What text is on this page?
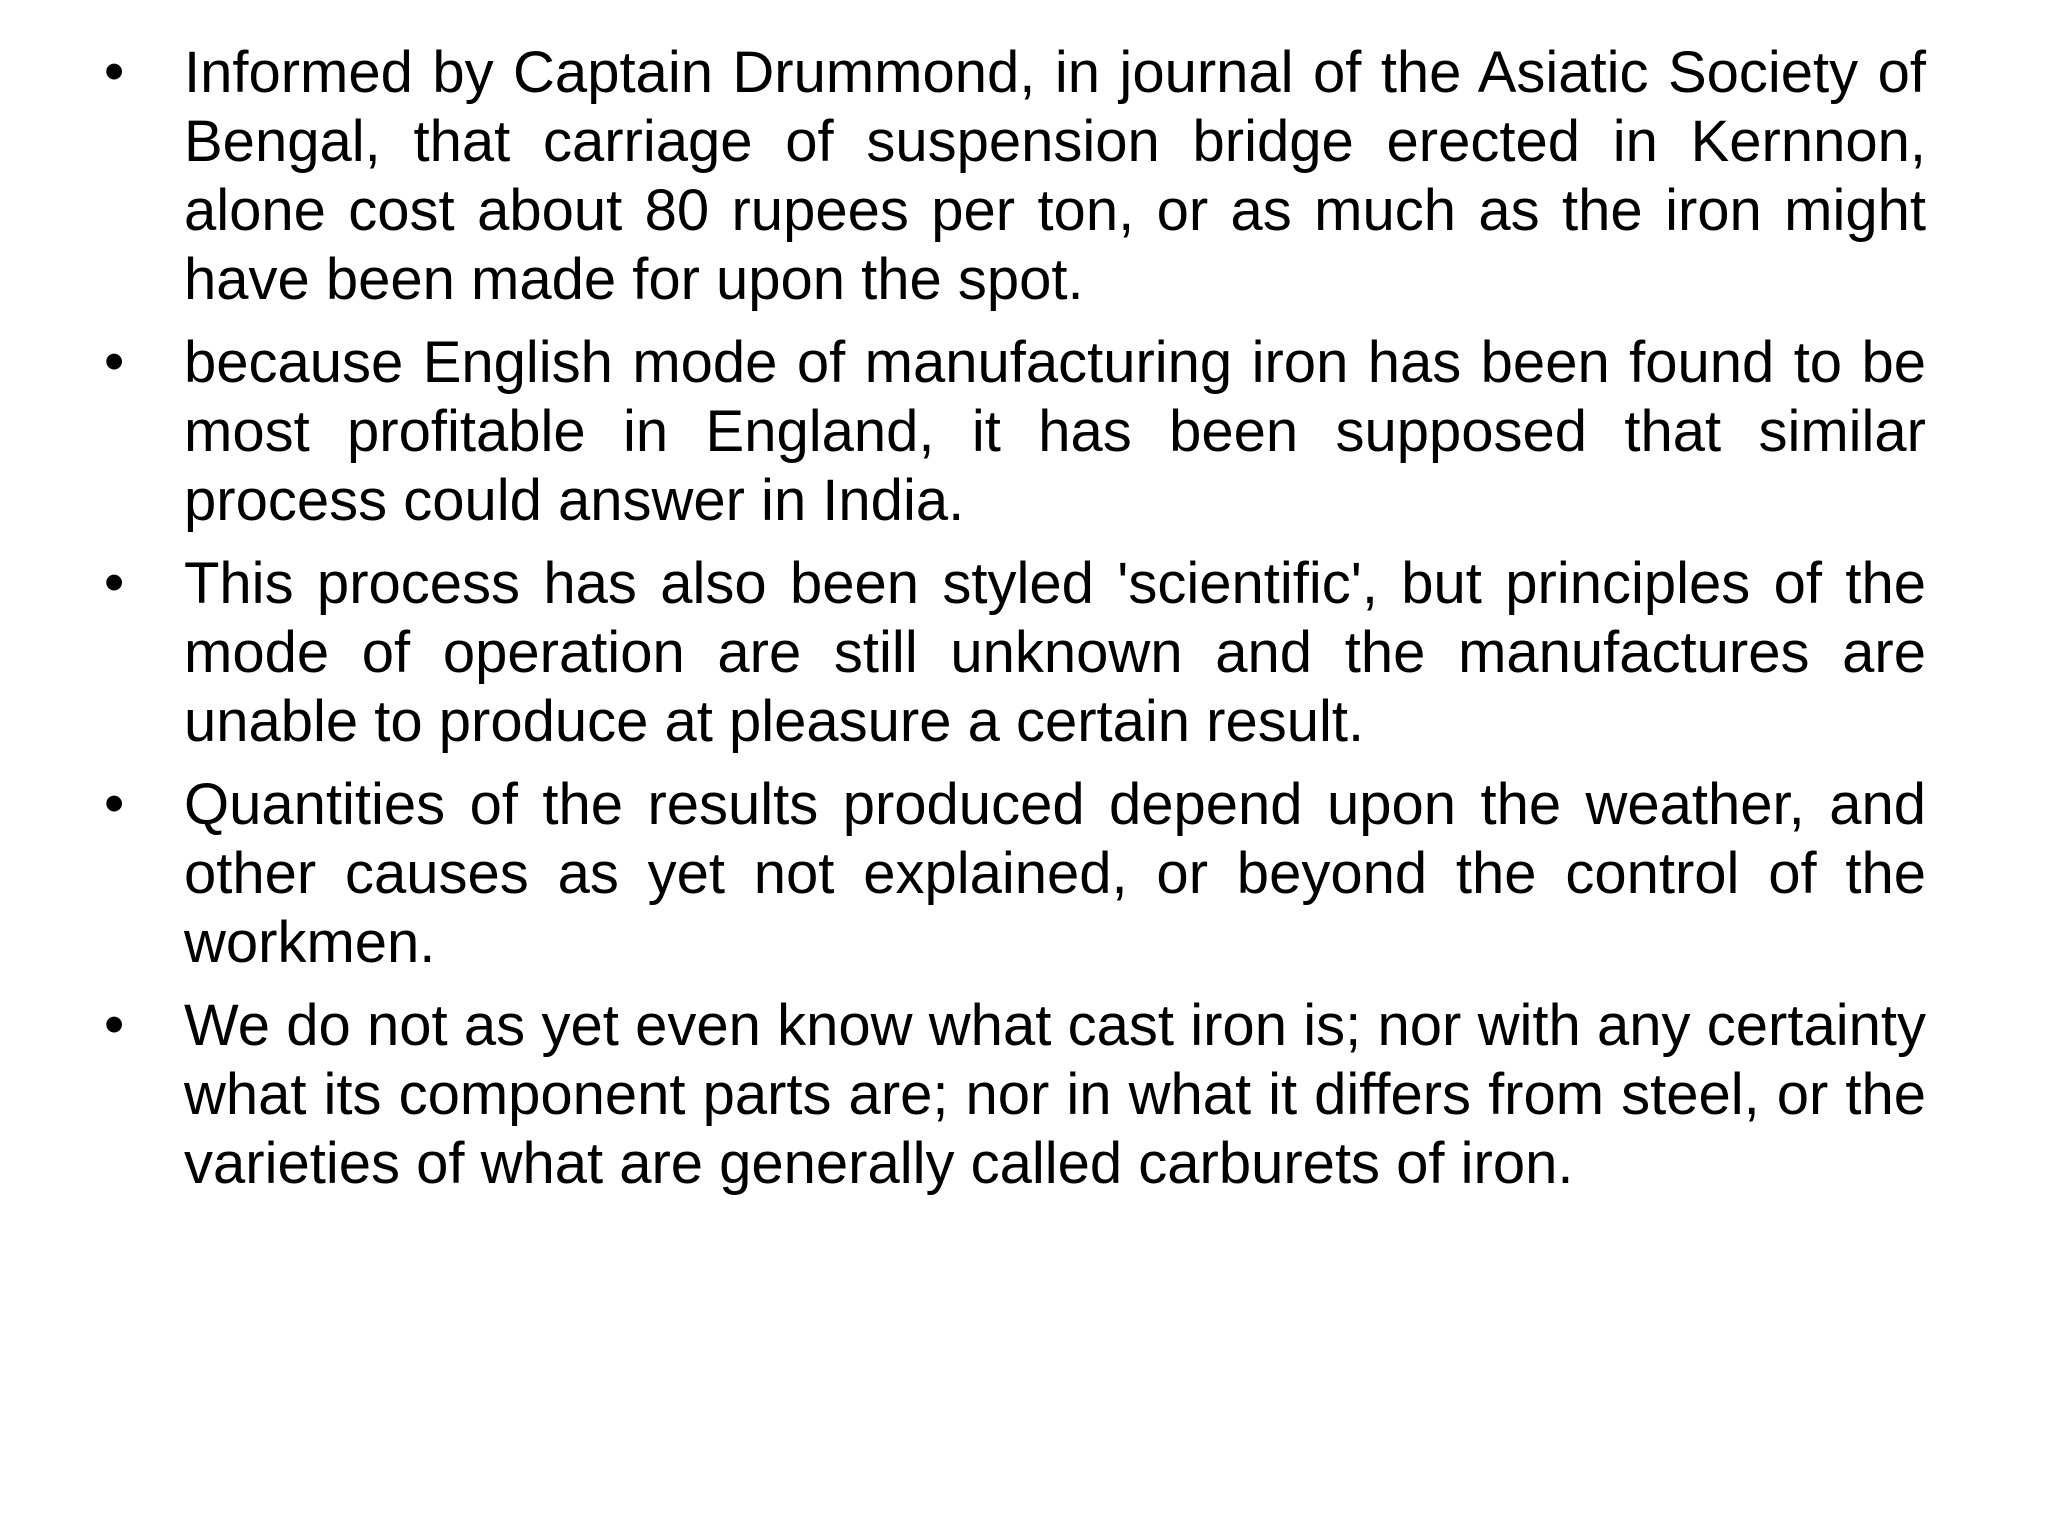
•	Informed by Captain Drummond, in journal of the Asiatic Society of Bengal, that carriage of suspension bridge erected in Kernnon, alone cost about 80 rupees per ton, or as much as the iron might have been made for upon the spot.
•	because English mode of manufacturing iron has been found to be most profitable in England, it has been supposed that similar process could answer in India.
•	This process has also been styled 'scientific', but principles of the mode of operation are still unknown and the manufactures are unable to produce at pleasure a certain result.
•	Quantities of the results produced depend upon the weather, and other causes as yet not explained, or beyond the control of the workmen.
•	We do not as yet even know what cast iron is; nor with any certainty what its component parts are; nor in what it differs from steel, or the varieties of what are generally called carburets of iron.
